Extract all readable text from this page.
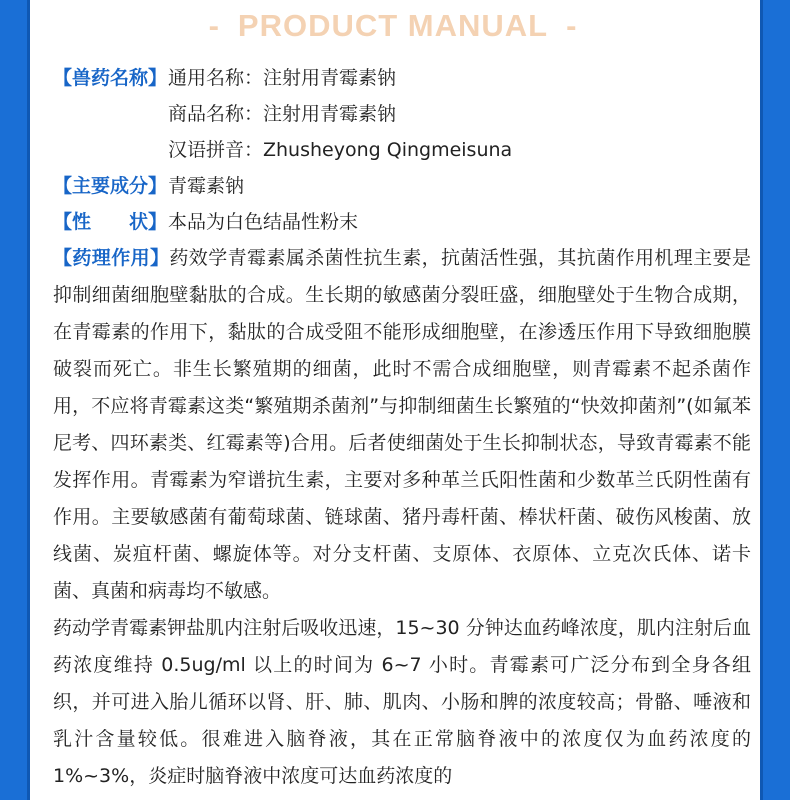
- PRODUCT MANUAL -
【兽药名称】 通用名称：注射用青霉素钠
商品名称：注射用青霉素钠
汉语拼音：Zhusheyong Qingmeisuna
【主要成分】 青霉素钠
【性　　状】 本品为白色结晶性粉末

【药理作用】药效学青霉素属杀菌性抗生素，抗菌活性强，其抗菌作用机理主要是抑制细菌细胞壁黏肽的合成。生长期的敏感菌分裂旺盛，细胞壁处于生物合成期，在青霉素的作用下，黏肽的合成受阻不能形成细胞壁，在渗透压作用下导致细胞膜破裂而死亡。非生长繁殖期的细菌，此时不需合成细胞壁，则青霉素不起杀菌作用，不应将青霉素这类“繁殖期杀菌剂”与抑制细菌生长繁殖的“快效抑菌剂”(如氟苯尼考、四环素类、红霉素等)合用。后者使细菌处于生长抑制状态，导致青霉素不能发挥作用。青霉素为窄谱抗生素，主要对多种革兰氏阳性菌和少数革兰氏阴性菌有作用。主要敏感菌有葡萄球菌、链球菌、猪丹毒杆菌、棒状杆菌、破伤风梭菌、放线菌、炭疽杆菌、螺旋体等。对分支杆菌、支原体、衣原体、立克次氏体、诺卡菌、真菌和病毒均不敏感。

药动学青霉素钾盐肌内注射后吸收迅速，15~30 分钟达血药峰浓度，肌内注射后血药浓度维持 0.5ug/ml 以上的时间为 6~7 小时。青霉素可广泛分布到全身各组织，并可进入胎儿循环以肾、肝、肺、肌肉、小肠和脾的浓度较高；骨骼、唾液和乳汁含量较低。很难进入脑脊液，其在正常脑脊液中的浓度仅为血药浓度的 1%~3%，炎症时脑脊液中浓度可达血药浓度的
